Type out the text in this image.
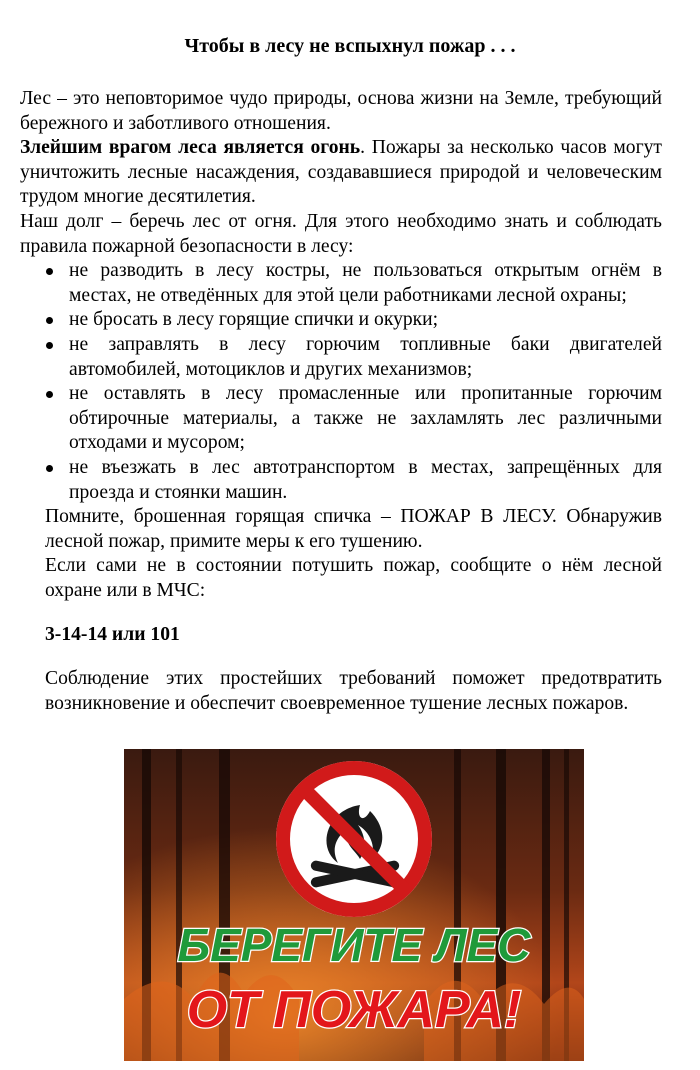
Чтобы в лесу не вспыхнул пожар . . .

Лес – это неповторимое чудо природы, основа жизни на Земле, требующий бережного и заботливого отношения.

Злейшим врагом леса является огонь. Пожары за несколько часов могут уничтожить лесные насаждения, создававшиеся природой и человеческим трудом многие десятилетия.

Наш долг – беречь лес от огня. Для этого необходимо знать и соблюдать правила пожарной безопасности в лесу:

не разводить в лесу костры, не пользоваться открытым огнём в местах, не отведённых для этой цели работниками лесной охраны;
не бросать в лесу горящие спички и окурки;
не заправлять в лесу горючим топливные баки двигателей автомобилей, мотоциклов и других механизмов;
не оставлять в лесу промасленные или пропитанные горючим обтирочные материалы, а также не захламлять лес различными отходами и мусором;
не въезжать в лес автотранспортом в местах, запрещённых для проезда и стоянки машин.

Помните, брошенная горящая спичка – ПОЖАР В ЛЕСУ. Обнаружив лесной пожар, примите меры к его тушению.

Если сами не в состоянии потушить пожар, сообщите о нём лесной охране или в МЧС:

3-14-14 или 101

Соблюдение этих простейших требований поможет предотвратить возникновение и обеспечит своевременное тушение лесных пожаров.

БЕРЕГИТЕ ЛЕС
ОТ ПОЖАРА!
